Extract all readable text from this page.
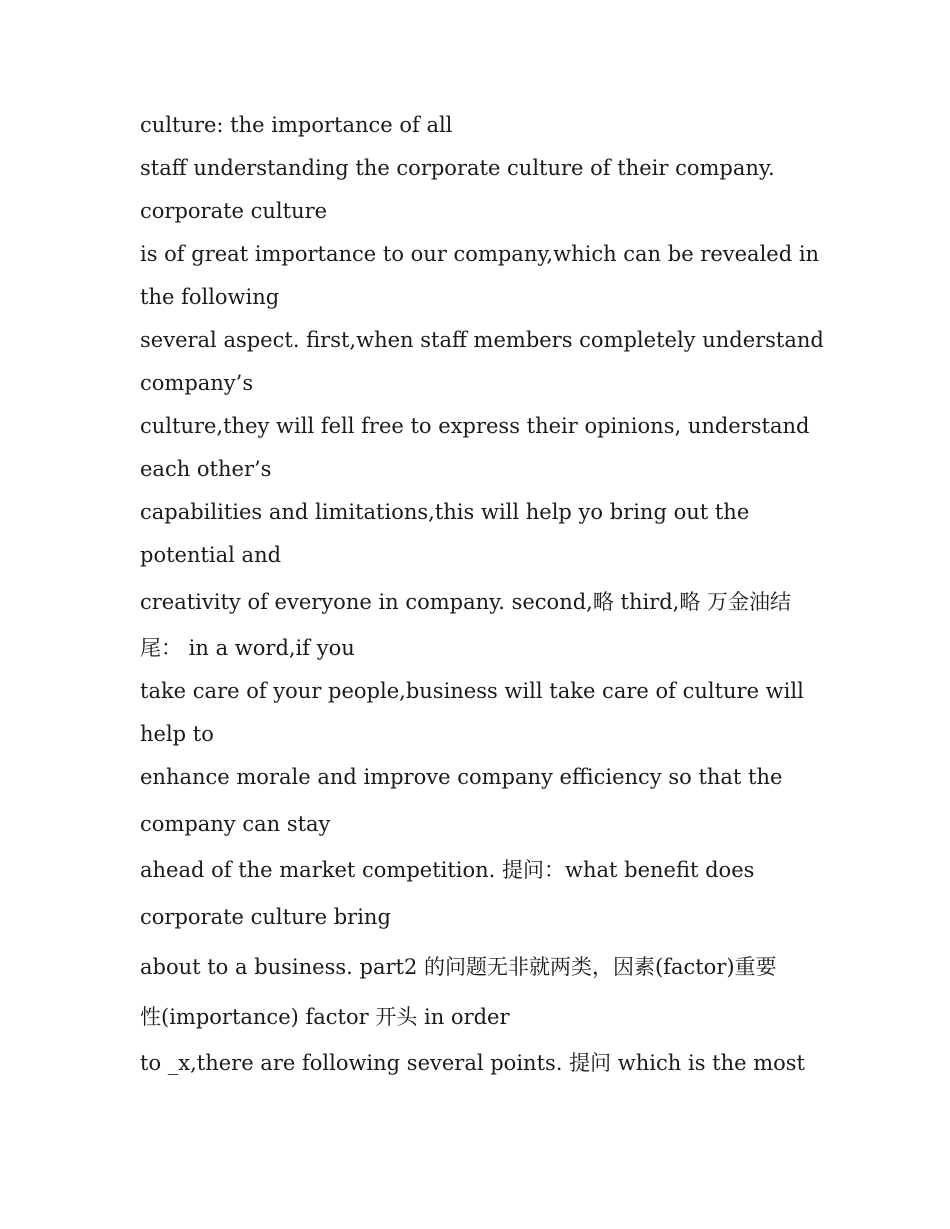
culture: the importance of all
staff understanding the corporate culture of their company.
corporate culture
is of great importance to our company,which can be revealed in
the following
several aspect. first,when staff members completely understand
company’s
culture,they will fell free to express their opinions, understand
each other’s
capabilities and limitations,this will help yo bring out the
potential and
creativity of everyone in company. second,略 third,略 万金油结
尾： in a word,if you
take care of your people,business will take care of culture will
help to
enhance morale and improve company efficiency so that the
company can stay
ahead of the market competition. 提问：what benefit does
corporate culture bring
about to a business. part2 的问题无非就两类，因素(factor)重要
性(importance) factor 开头 in order
to _x,there are following several points. 提问 which is the most
